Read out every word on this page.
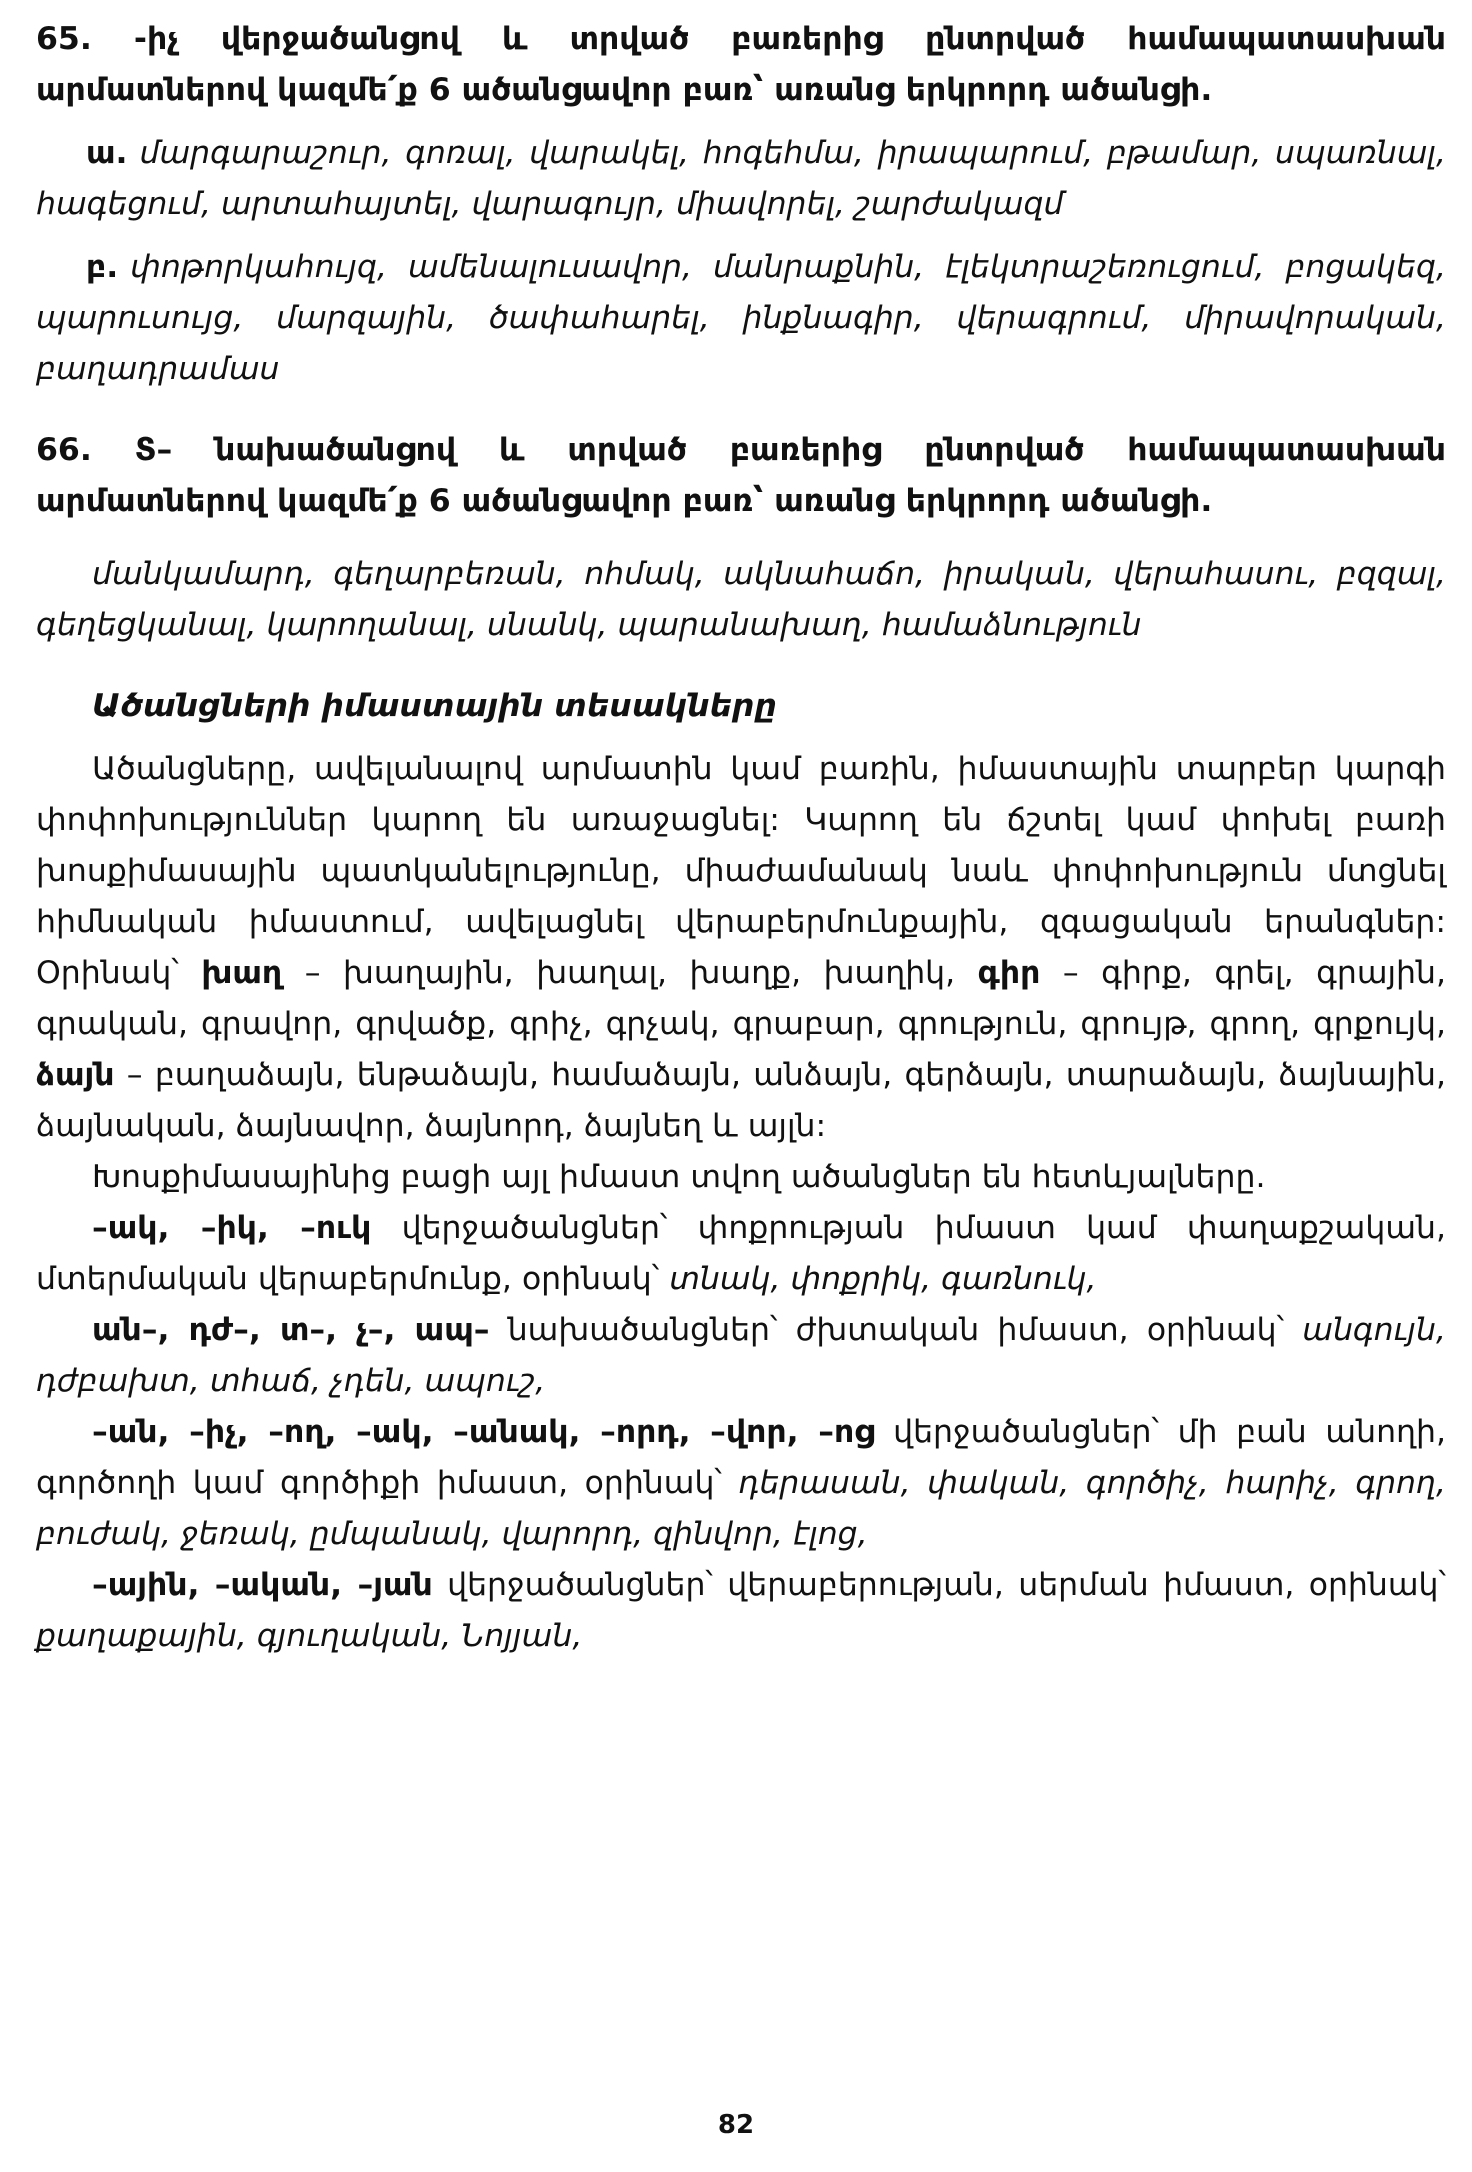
65. -իչ վերջածանցով և տրված բառերից ընտրված համապատասխան արմատներով կազմե՛ք 6 ածանցավոր բառ՝ առանց երկրորդ ածանցի.

ա. մարգարաշուր, գոռալ, վարակել, հոգեհմա, իրապարում, բթամար, սպառնալ, հագեցում, արտահայտել, վարագույր, միավորել, շարժակազմ

բ. փոթորկահույզ, ամենալուսավոր, մանրաքնին, էլեկտրաշեռուցում, բոցակեզ, պարուսույց, մարզային, ծափահարել, ինքնագիր, վերագրում, միրավորական, բաղադրամաս

66. Տ– նախածանցով և տրված բառերից ընտրված համապատասխան արմատներով կազմե՛ք 6 ածանցավոր բառ՝ առանց երկրորդ ածանցի.

մանկամարդ, գեղարբեռան, ոհմակ, ակնահաճո, իրական, վերահասու, բզզալ, գեղեցկանալ, կարողանալ, սնանկ, պարանախաղ, համաձնություն

Ածանցների իմաստային տեսակները

Ածանցները, ավելանալով արմատին կամ բառին, իմաստային տարբեր կարգի փոփոխություններ կարող են առաջացնել: Կարող են ճշտել կամ փոխել բառի խոսքիմասային պատկանելությունը, միաժամանակ նաև փոփոխություն մտցնել հիմնական իմաստում, ավելացնել վերաբերմունքային, զգացական երանգներ: Օրինակ՝ խաղ – խաղային, խաղալ, խաղք, խաղիկ, գիր – գիրք, գրել, գրային, գրական, գրավոր, գրվածք, գրիչ, գրչակ, գրաբար, գրություն, գրույթ, գրող, գրքույկ, ձայն – բաղաձայն, ենթաձայն, համաձայն, անձայն, գերձայն, տարաձայն, ձայնային, ձայնական, ձայնավոր, ձայնորդ, ձայնեղ և այլն:

Խոսքիմասայինից բացի այլ իմաստ տվող ածանցներ են հետևյալները.

–ակ, –իկ, –ուկ վերջածանցներ՝ փոքրության իմաստ կամ փաղաքշական, մտերմական վերաբերմունք, օրինակ՝ տնակ, փոքրիկ, գառնուկ,

ան–, դժ–, տ–, չ–, ապ– նախածանցներ՝ ժխտական իմաստ, օրինակ՝ անգույն, դժբախտ, տհաճ, չդեն, ապուշ,

–ան, –իչ, –ող, –ակ, –անակ, –որդ, –վոր, –ոց վերջածանցներ՝ մի բան անողի, գործողի կամ գործիքի իմաստ, օրինակ՝ դերասան, փական, գործիչ, հարիչ, գրող, բուժակ, ջեռակ, ըմպանակ, վարորդ, զինվոր, էլոց,

–ային, –ական, –յան վերջածանցներ՝ վերաբերության, սերման իմաստ, օրինակ՝ քաղաքային, գյուղական, Նոյյան,

82
